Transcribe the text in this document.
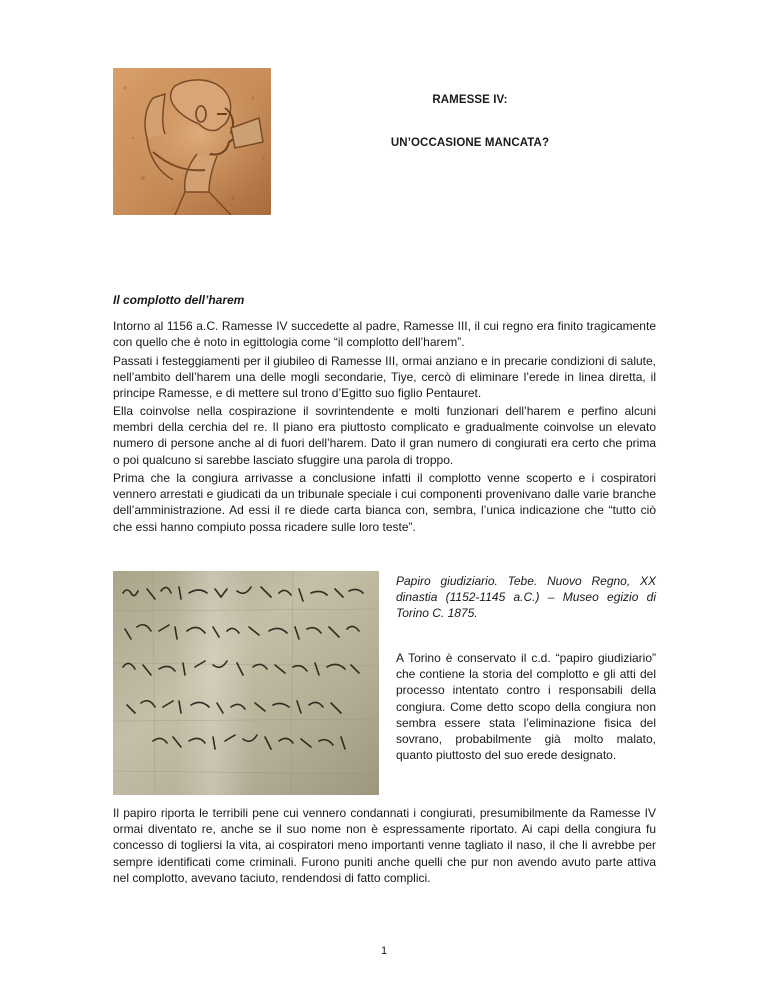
RAMESSE IV:
UN’OCCASIONE MANCATA?
Il complotto dell’harem

Intorno al 1156 a.C. Ramesse IV succedette al padre, Ramesse III, il cui regno era finito tragicamente con quello che è noto in egittologia come “il complotto dell’harem”.

Passati i festeggiamenti per il giubileo di Ramesse III, ormai anziano e in precarie condizioni di salute, nell’ambito dell’harem una delle mogli secondarie, Tiye, cercò di eliminare l’erede in linea diretta, il principe Ramesse, e di mettere sul trono d’Egitto suo figlio Pentauret.

Ella coinvolse nella cospirazione il sovrintendente e molti funzionari dell’harem e perfino alcuni membri della cerchia del re. Il piano era piuttosto complicato e gradualmente coinvolse un elevato numero di persone anche al di fuori dell’harem. Dato il gran numero di congiurati era certo che prima o poi qualcuno si sarebbe lasciato sfuggire una parola di troppo.

Prima che la congiura arrivasse a conclusione infatti il complotto venne scoperto e i cospiratori vennero arrestati e giudicati da un tribunale speciale i cui componenti provenivano dalle varie branche dell’amministrazione. Ad essi il re diede carta bianca con, sembra, l’unica indicazione che “tutto ciò che essi hanno compiuto possa ricadere sulle loro teste”.

Papiro giudiziario. Tebe. Nuovo Regno, XX dinastia (1152-1145 a.C.) – Museo egizio di Torino C. 1875.

A Torino è conservato il c.d. “papiro giudiziario” che contiene la storia del complotto e gli atti del processo intentato contro i responsabili della congiura. Come detto scopo della congiura non sembra essere stata l’eliminazione fisica del sovrano, probabilmente già molto malato, quanto piuttosto del suo erede designato.

Il papiro riporta le terribili pene cui vennero condannati i congiurati, presumibilmente da Ramesse IV ormai diventato re, anche se il suo nome non è espressamente riportato. Ai capi della congiura fu concesso di togliersi la vita, ai cospiratori meno importanti venne tagliato il naso, il che li avrebbe per sempre identificati come criminali. Furono puniti anche quelli che pur non avendo avuto parte attiva nel complotto, avevano taciuto, rendendosi di fatto complici.

1
